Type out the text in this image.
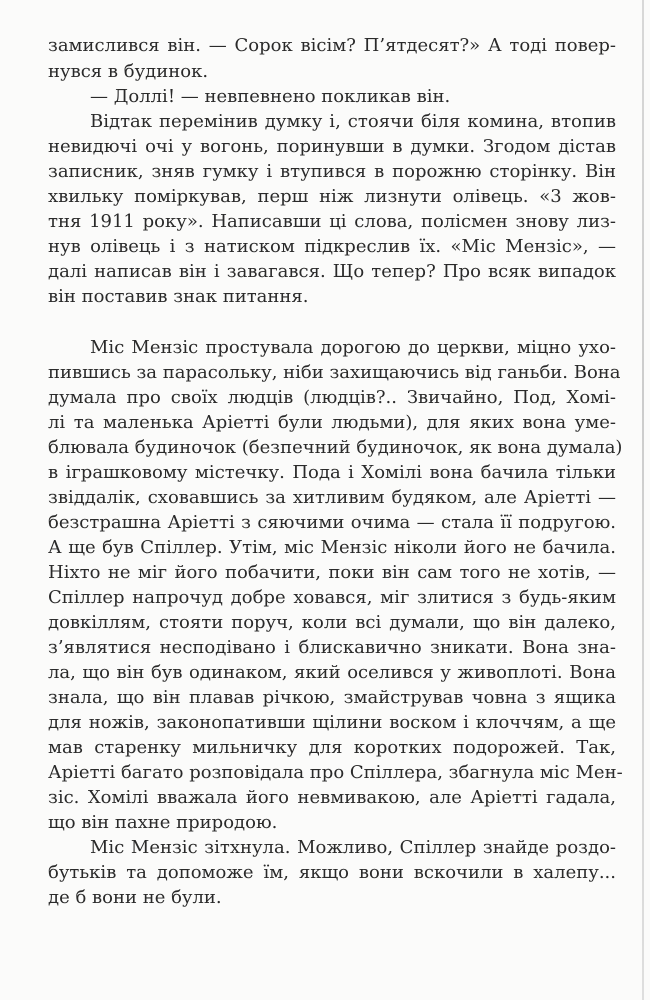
замислився він. — Сорок вісім? П’ятдесят?» А тоді повер-
нувся в будинок.
— Доллі! — невпевнено покликав він.
Відтак перемінив думку і, стоячи біля комина, втопив
невидючі очі у вогонь, поринувши в думки. Згодом дістав
записник, зняв гумку і втупився в порожню сторінку. Він
хвильку поміркував, перш ніж лизнути олівець. «3 жов-
тня 1911 року». Написавши ці слова, полісмен знову лиз-
нув олівець і з натиском підкреслив їх. «Міс Мензіс», —
далі написав він і завагався. Що тепер? Про всяк випадок
він поставив знак питання.
Міс Мензіс простувала дорогою до церкви, міцно ухо-
пившись за парасольку, ніби захищаючись від ганьби. Вона
думала про своїх людців (людців?.. Звичайно, Под, Хомі-
лі та маленька Аріетті були людьми), для яких вона уме-
блювала будиночок (безпечний будиночок, як вона думала)
в іграшковому містечку. Пода і Хомілі вона бачила тільки
звіддалік, сховавшись за хитливим будяком, але Аріетті —
безстрашна Аріетті з сяючими очима — стала її подругою.
А ще був Спіллер. Утім, міс Мензіс ніколи його не бачила.
Ніхто не міг його побачити, поки він сам того не хотів, —
Спіллер напрочуд добре ховався, міг злитися з будь-яким
довкіллям, стояти поруч, коли всі думали, що він далеко,
з’являтися несподівано і блискавично зникати. Вона зна-
ла, що він був одинаком, який оселився у живоплоті. Вона
знала, що він плавав річкою, змайстрував човна з ящика
для ножів, законопативши щілини воском і клоччям, а ще
мав старенку мильничку для коротких подорожей. Так,
Аріетті багато розповідала про Спіллера, збагнула міс Мен-
зіс. Хомілі вважала його невмивакою, але Аріетті гадала,
що він пахне природою.
Міс Мензіс зітхнула. Можливо, Спіллер знайде роздо-
бутьків та допоможе їм, якщо вони вскочили в халепу...
де б вони не були.
